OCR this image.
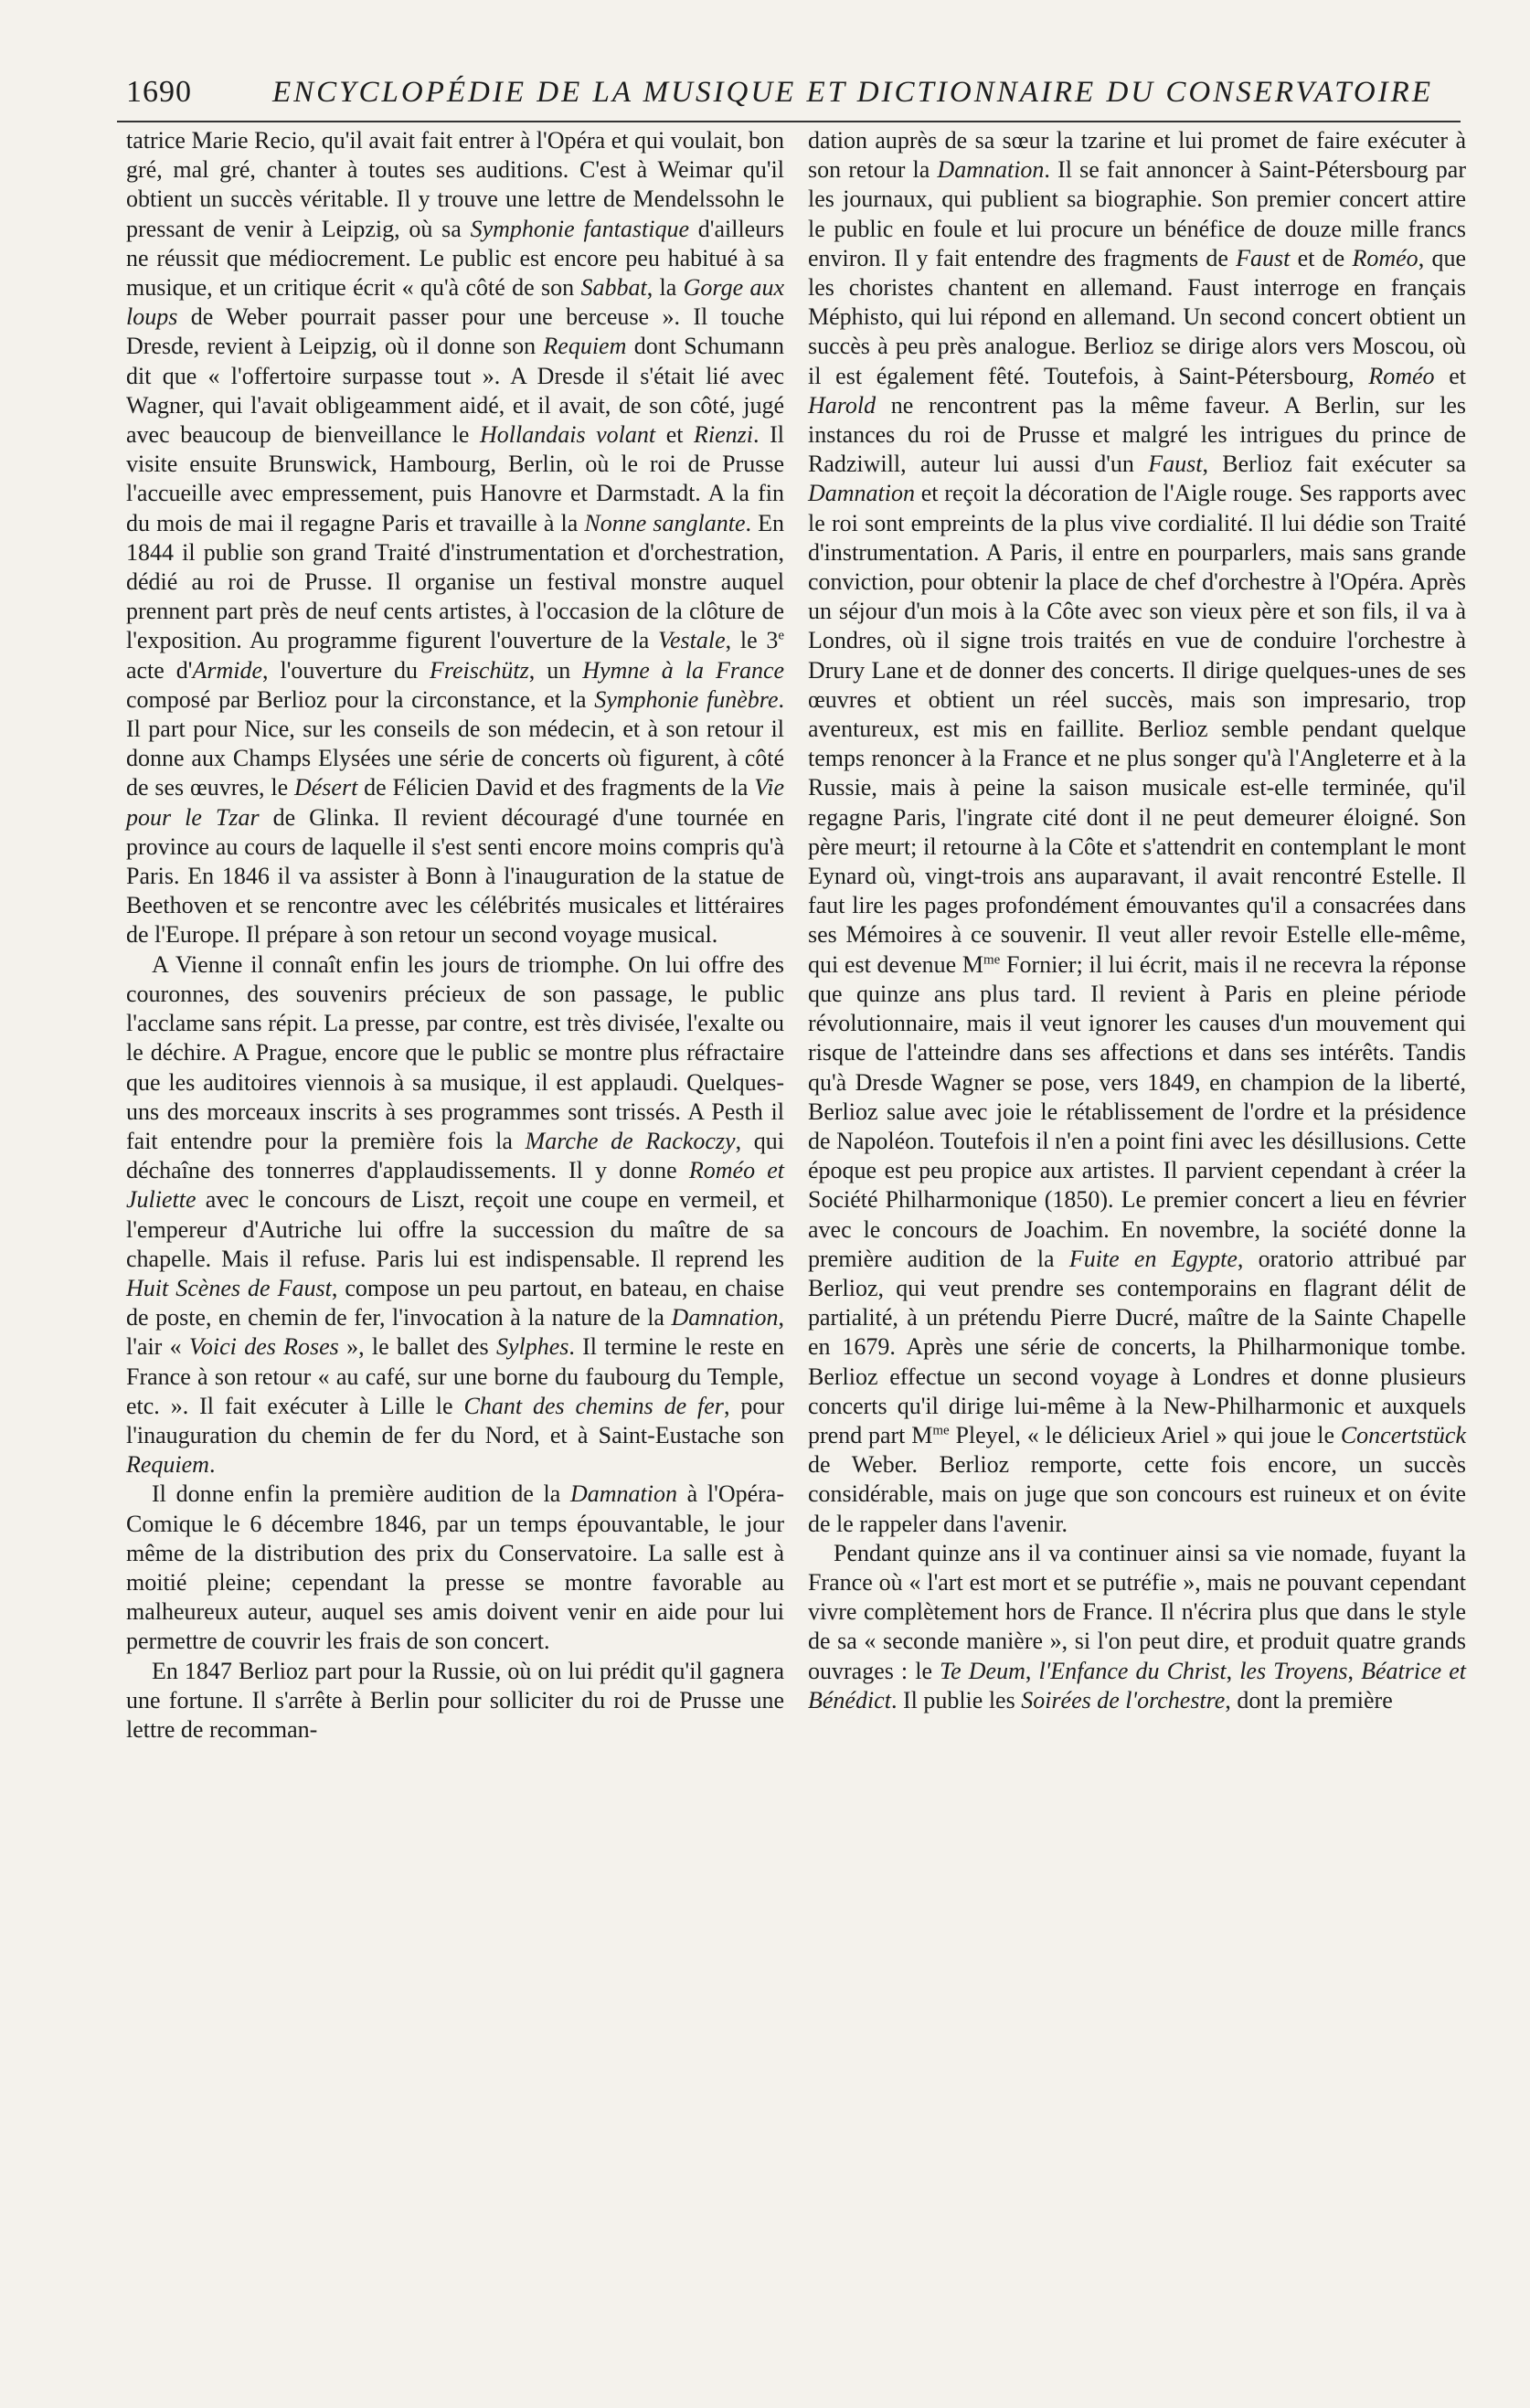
1690	ENCYCLOPÉDIE DE LA MUSIQUE ET DICTIONNAIRE DU CONSERVATOIRE

tatrice Marie Recio, qu'il avait fait entrer à l'Opéra et qui voulait, bon gré, mal gré, chanter à toutes ses auditions. C'est à Weimar qu'il obtient un succès véritable. Il y trouve une lettre de Mendelssohn le pressant de venir à Leipzig, où sa Symphonie fantastique d'ailleurs ne réussit que médiocrement. Le public est encore peu habitué à sa musique, et un critique écrit « qu'à côté de son Sabbat, la Gorge aux loups de Weber pourrait passer pour une berceuse ». Il touche Dresde, revient à Leipzig, où il donne son Requiem dont Schumann dit que « l'offertoire surpasse tout ». A Dresde il s'était lié avec Wagner, qui l'avait obligeamment aidé, et il avait, de son côté, jugé avec beaucoup de bienveillance le Hollandais volant et Rienzi. Il visite ensuite Brunswick, Hambourg, Berlin, où le roi de Prusse l'accueille avec empressement, puis Hanovre et Darmstadt. A la fin du mois de mai il regagne Paris et travaille à la Nonne sanglante. En 1844 il publie son grand Traité d'instrumentation et d'orchestration, dédié au roi de Prusse. Il organise un festival monstre auquel prennent part près de neuf cents artistes, à l'occasion de la clôture de l'exposition. Au programme figurent l'ouverture de la Vestale, le 3e acte d'Armide, l'ouverture du Freischütz, un Hymne à la France composé par Berlioz pour la circonstance, et la Symphonie funèbre. Il part pour Nice, sur les conseils de son médecin, et à son retour il donne aux Champs Elysées une série de concerts où figurent, à côté de ses œuvres, le Désert de Félicien David et des fragments de la Vie pour le Tzar de Glinka. Il revient découragé d'une tournée en province au cours de laquelle il s'est senti encore moins compris qu'à Paris. En 1846 il va assister à Bonn à l'inauguration de la statue de Beethoven et se rencontre avec les célébrités musicales et littéraires de l'Europe. Il prépare à son retour un second voyage musical.

A Vienne il connaît enfin les jours de triomphe. On lui offre des couronnes, des souvenirs précieux de son passage, le public l'acclame sans répit. La presse, par contre, est très divisée, l'exalte ou le déchire. A Prague, encore que le public se montre plus réfractaire que les auditoires viennois à sa musique, il est applaudi. Quelques-uns des morceaux inscrits à ses programmes sont trissés. A Pesth il fait entendre pour la première fois la Marche de Rackoczy, qui déchaîne des tonnerres d'applaudissements. Il y donne Roméo et Juliette avec le concours de Liszt, reçoit une coupe en vermeil, et l'empereur d'Autriche lui offre la succession du maître de sa chapelle. Mais il refuse. Paris lui est indispensable. Il reprend les Huit Scènes de Faust, compose un peu partout, en bateau, en chaise de poste, en chemin de fer, l'invocation à la nature de la Damnation, l'air « Voici des Roses », le ballet des Sylphes. Il termine le reste en France à son retour « au café, sur une borne du faubourg du Temple, etc. ». Il fait exécuter à Lille le Chant des chemins de fer, pour l'inauguration du chemin de fer du Nord, et à Saint-Eustache son Requiem.

Il donne enfin la première audition de la Damnation à l'Opéra-Comique le 6 décembre 1846, par un temps épouvantable, le jour même de la distribution des prix du Conservatoire. La salle est à moitié pleine; cependant la presse se montre favorable au malheureux auteur, auquel ses amis doivent venir en aide pour lui permettre de couvrir les frais de son concert.

En 1847 Berlioz part pour la Russie, où on lui prédit qu'il gagnera une fortune. Il s'arrête à Berlin pour solliciter du roi de Prusse une lettre de recomman-

dation auprès de sa sœur la tzarine et lui promet de faire exécuter à son retour la Damnation. Il se fait annoncer à Saint-Pétersbourg par les journaux, qui publient sa biographie. Son premier concert attire le public en foule et lui procure un bénéfice de douze mille francs environ. Il y fait entendre des fragments de Faust et de Roméo, que les choristes chantent en allemand. Faust interroge en français Méphisto, qui lui répond en allemand. Un second concert obtient un succès à peu près analogue. Berlioz se dirige alors vers Moscou, où il est également fêté. Toutefois, à Saint-Pétersbourg, Roméo et Harold ne rencontrent pas la même faveur. A Berlin, sur les instances du roi de Prusse et malgré les intrigues du prince de Radziwill, auteur lui aussi d'un Faust, Berlioz fait exécuter sa Damnation et reçoit la décoration de l'Aigle rouge. Ses rapports avec le roi sont empreints de la plus vive cordialité. Il lui dédie son Traité d'instrumentation. A Paris, il entre en pourparlers, mais sans grande conviction, pour obtenir la place de chef d'orchestre à l'Opéra. Après un séjour d'un mois à la Côte avec son vieux père et son fils, il va à Londres, où il signe trois traités en vue de conduire l'orchestre à Drury Lane et de donner des concerts. Il dirige quelques-unes de ses œuvres et obtient un réel succès, mais son impresario, trop aventureux, est mis en faillite. Berlioz semble pendant quelque temps renoncer à la France et ne plus songer qu'à l'Angleterre et à la Russie, mais à peine la saison musicale est-elle terminée, qu'il regagne Paris, l'ingrate cité dont il ne peut demeurer éloigné. Son père meurt; il retourne à la Côte et s'attendrit en contemplant le mont Eynard où, vingt-trois ans auparavant, il avait rencontré Estelle. Il faut lire les pages profondément émouvantes qu'il a consacrées dans ses Mémoires à ce souvenir. Il veut aller revoir Estelle elle-même, qui est devenue $M^{me}$ Fornier; il lui écrit, mais il ne recevra la réponse que quinze ans plus tard. Il revient à Paris en pleine période révolutionnaire, mais il veut ignorer les causes d'un mouvement qui risque de l'atteindre dans ses affections et dans ses intérêts. Tandis qu'à Dresde Wagner se pose, vers 1849, en champion de la liberté, Berlioz salue avec joie le rétablissement de l'ordre et la présidence de Napoléon. Toutefois il n'en a point fini avec les désillusions. Cette époque est peu propice aux artistes. Il parvient cependant à créer la Société Philharmonique (1850). Le premier concert a lieu en février avec le concours de Joachim. En novembre, la société donne la première audition de la Fuite en Egypte, oratorio attribué par Berlioz, qui veut prendre ses contemporains en flagrant délit de partialité, à un prétendu Pierre Ducré, maître de la Sainte Chapelle en 1679. Après une série de concerts, la Philharmonique tombe. Berlioz effectue un second voyage à Londres et donne plusieurs concerts qu'il dirige lui-même à la New-Philharmonic et auxquels prend part $M^{me}$ Pleyel, « le délicieux Ariel » qui joue le Concertstück de Weber. Berlioz remporte, cette fois encore, un succès considérable, mais on juge que son concours est ruineux et on évite de le rappeler dans l'avenir.

Pendant quinze ans il va continuer ainsi sa vie nomade, fuyant la France où « l'art est mort et se putréfie », mais ne pouvant cependant vivre complètement hors de France. Il n'écrira plus que dans le style de sa « seconde manière », si l'on peut dire, et produit quatre grands ouvrages : le Te Deum, l'Enfance du Christ, les Troyens, Béatrice et Bénédict. Il publie les Soirées de l'orchestre, dont la première
